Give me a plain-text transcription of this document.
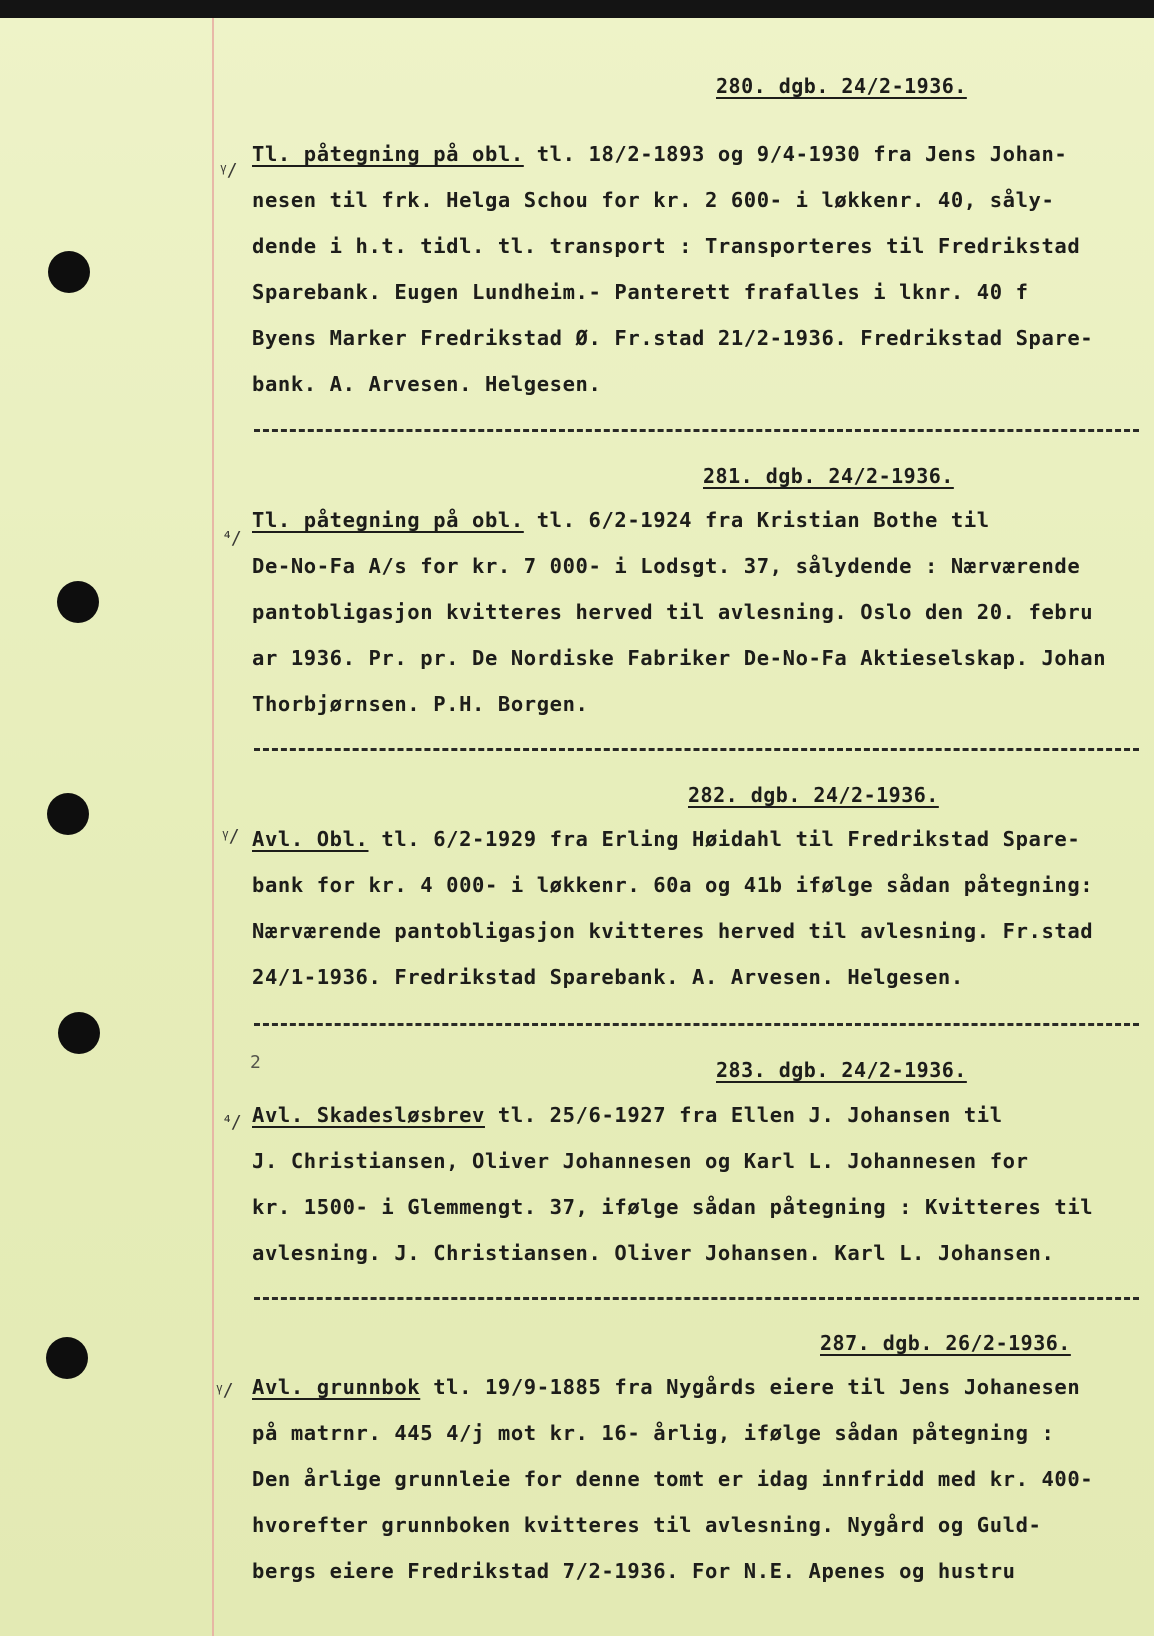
280. dgb. 24/2-1936.
ᵞ/
Tl. påtegning på obl. tl. 18/2-1893 og 9/4-1930 fra Jens Johan-
nesen til frk. Helga Schou for kr. 2 600- i løkkenr. 40, såly-
dende i h.t. tidl. tl. transport : Transporteres til Fredrikstad
Sparebank. Eugen Lundheim.- Panterett frafalles i lknr. 40 f
Byens Marker Fredrikstad Ø. Fr.stad 21/2-1936. Fredrikstad Spare-
bank. A. Arvesen. Helgesen.
281. dgb. 24/2-1936.
⁴/
Tl. påtegning på obl. tl. 6/2-1924 fra Kristian Bothe til
De-No-Fa A/s for kr. 7 000- i Lodsgt. 37, sålydende : Nærværende
pantobligasjon kvitteres herved til avlesning. Oslo den 20. febru
ar 1936. Pr. pr. De Nordiske Fabriker De-No-Fa Aktieselskap. Johan
Thorbjørnsen. P.H. Borgen.
282. dgb. 24/2-1936.
ᵞ/ Avl. Obl. tl. 6/2-1929 fra Erling Høidahl til Fredrikstad Spare-
bank for kr. 4 000- i løkkenr. 60a og 41b ifølge sådan påtegning:
Nærværende pantobligasjon kvitteres herved til avlesning. Fr.stad
24/1-1936. Fredrikstad Sparebank. A. Arvesen. Helgesen.
2	283. dgb. 24/2-1936.
⁴/ Avl. Skadesløsbrev tl. 25/6-1927 fra Ellen J. Johansen til
J. Christiansen, Oliver Johannesen og Karl L. Johannesen for
kr. 1500- i Glemmengt. 37, ifølge sådan påtegning : Kvitteres til
avlesning. J. Christiansen. Oliver Johansen. Karl L. Johansen.
287. dgb. 26/2-1936.
ᵞ/ Avl. grunnbok tl. 19/9-1885 fra Nygårds eiere til Jens Johanesen
på matrnr. 445 4/j mot kr. 16- årlig, ifølge sådan påtegning :
Den årlige grunnleie for denne tomt er idag innfridd med kr. 400-
hvorefter grunnboken kvitteres til avlesning. Nygård og Guld-
bergs eiere Fredrikstad 7/2-1936. For N.E. Apenes og hustru
